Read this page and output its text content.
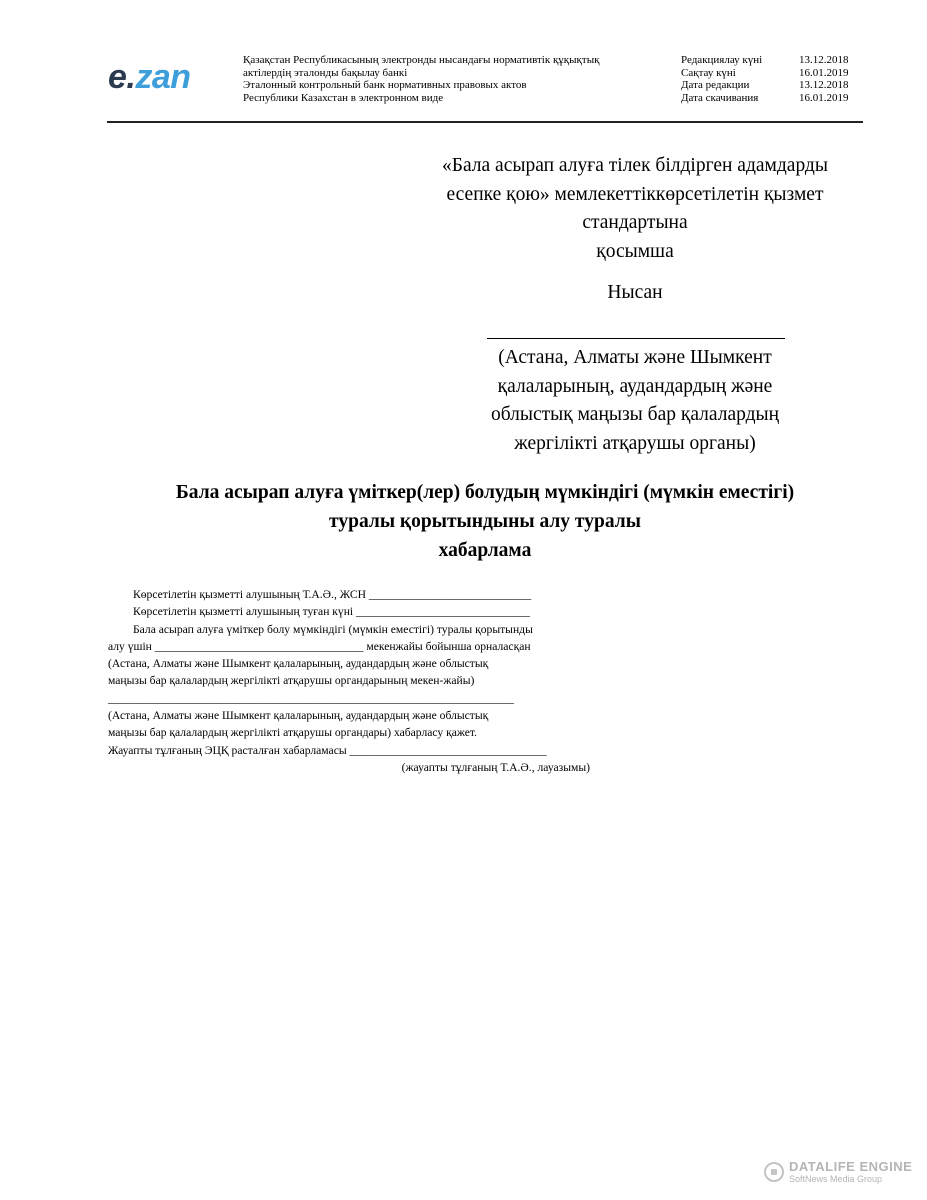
e.zan	Қазақстан Республикасының электронды нысандағы нормативтік құқықтық
актілердің эталонды бақылау банкі
Эталонный контрольный банк нормативных правовых актов
Республики Казахстан в электронном виде
Редакциялау күні	13.12.2018
Сақтау күні	16.01.2019
Дата редакции	13.12.2018
Дата скачивания	16.01.2019
«Бала асырап алуға тілек білдірген адамдарды
есепке қою» мемлекеттіккөрсетілетін қызмет
стандартына
қосымша
Нысан
(Астана, Алматы және Шымкент
қалаларының, аудандардың және
облыстық маңызы бар қалалардың
жергілікті атқарушы органы)
Бала асырап алуға үміткер(лер) болудың мүмкіндігі (мүмкін еместігі)
туралы қорытындыны алу туралы
хабарлама

Көрсетілетін қызметті алушының Т.А.Ә., ЖСН ____________________________

Көрсетілетін қызметті алушының туған күні ______________________________

Бала асырап алуға үміткер болу мүмкіндігі (мүмкін еместігі) туралы қорытынды

алу үшін ____________________________________ мекенжайы бойынша орналасқан

(Астана, Алматы және Шымкент қалаларының, аудандардың және облыстық

маңызы бар қалалардың жергілікті атқарушы органдарының мекен-жайы)

______________________________________________________________________

(Астана, Алматы және Шымкент қалаларының, аудандардың және облыстық

маңызы бар қалалардың жергілікті атқарушы органдары) хабарласу қажет.

Жауапты тұлғаның ЭЦҚ расталған хабарламасы __________________________________

(жауапты тұлғаның Т.А.Ә., лауазымы)

DATALIFE ENGINE
SoftNews Media Group
